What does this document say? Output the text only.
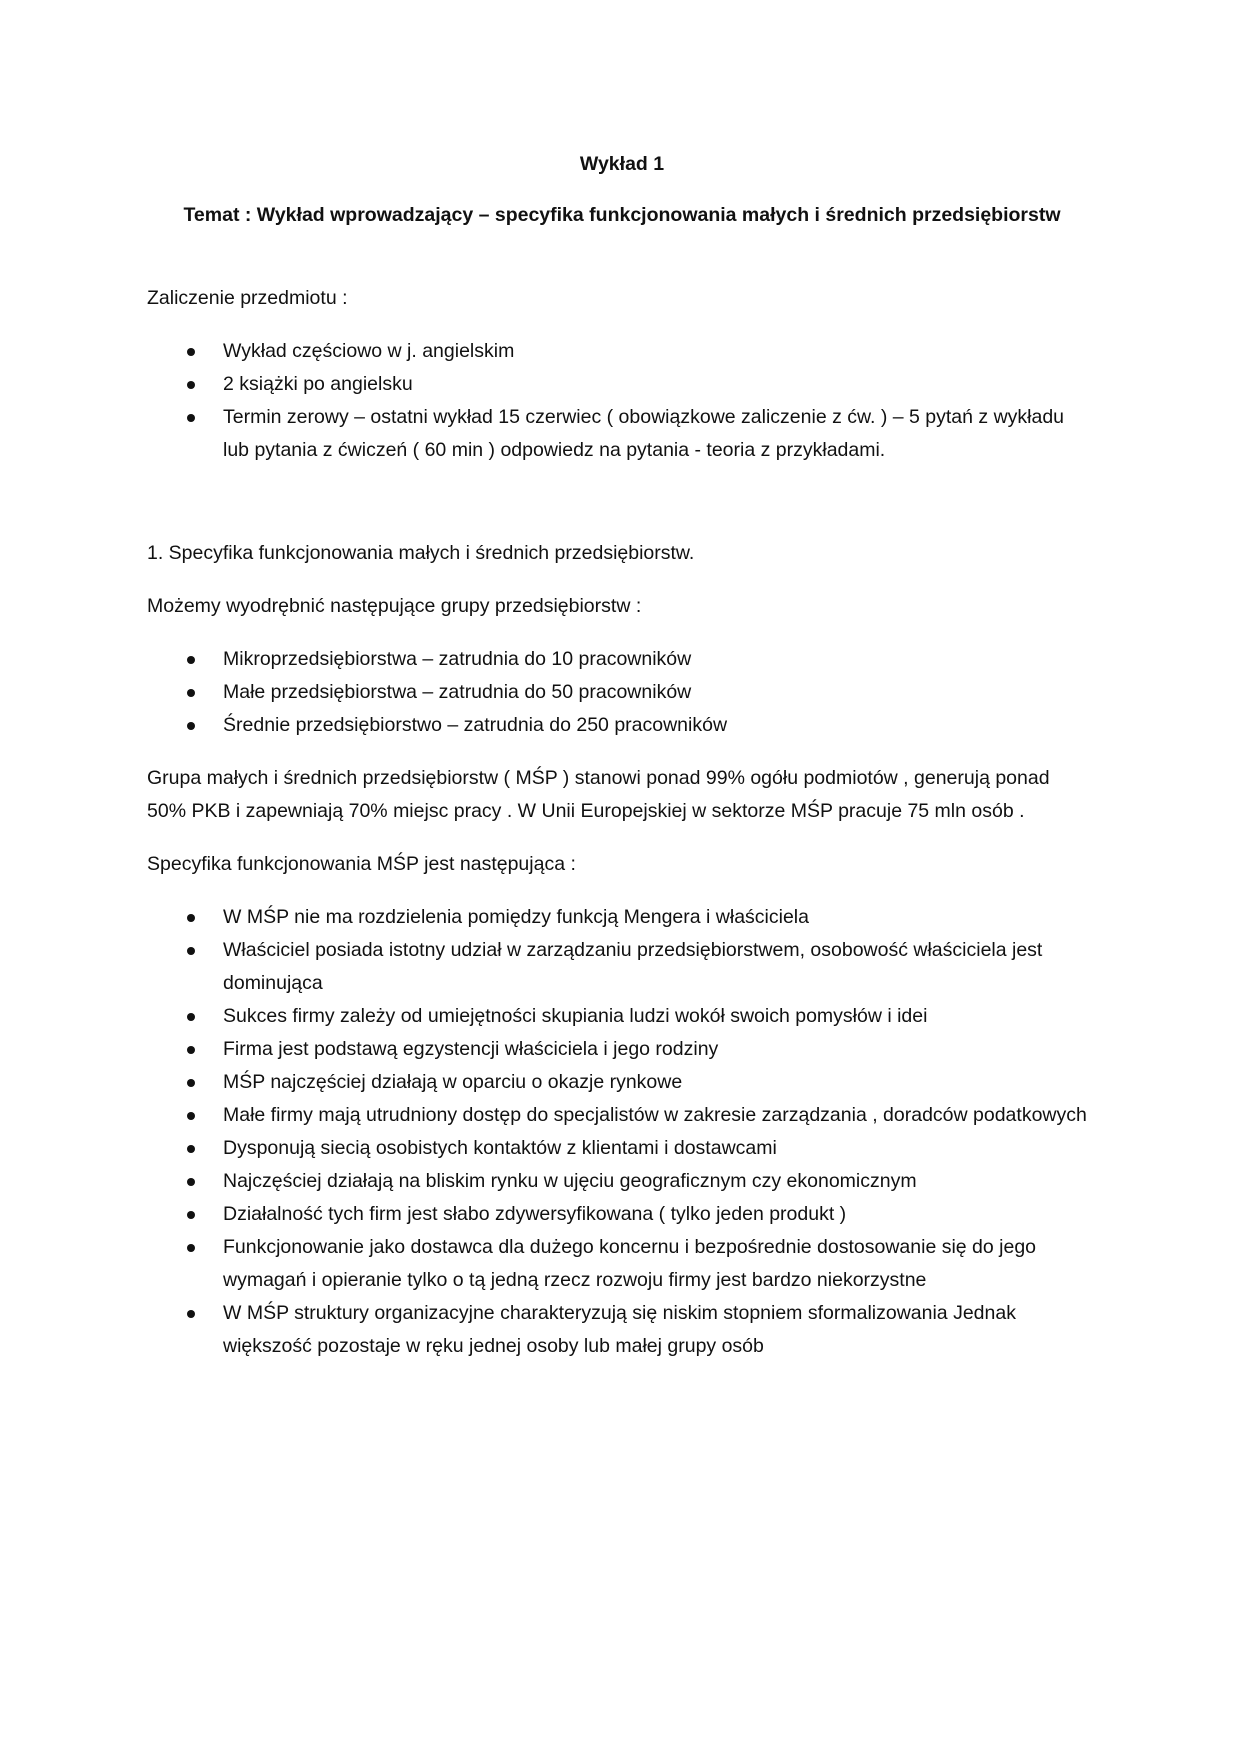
Wykład 1

Temat : Wykład wprowadzający – specyfika funkcjonowania małych i średnich przedsiębiorstw

Zaliczenie przedmiotu :

Wykład częściowo w j. angielskim
2 książki po angielsku
Termin zerowy – ostatni wykład 15 czerwiec ( obowiązkowe zaliczenie z ćw. ) – 5 pytań z wykładu lub pytania z ćwiczeń ( 60 min ) odpowiedz na pytania - teoria z przykładami.

1. Specyfika funkcjonowania małych i średnich przedsiębiorstw.

Możemy wyodrębnić następujące grupy przedsiębiorstw :

Mikroprzedsiębiorstwa – zatrudnia do 10 pracowników
Małe przedsiębiorstwa – zatrudnia do 50 pracowników
Średnie przedsiębiorstwo – zatrudnia do 250 pracowników

Grupa małych i średnich przedsiębiorstw ( MŚP ) stanowi ponad 99% ogółu podmiotów , generują ponad 50% PKB i zapewniają 70% miejsc pracy . W Unii Europejskiej w sektorze MŚP pracuje 75 mln osób .

Specyfika funkcjonowania MŚP jest następująca :

W MŚP nie ma rozdzielenia pomiędzy funkcją Mengera i właściciela
Właściciel posiada istotny udział w zarządzaniu przedsiębiorstwem, osobowość właściciela jest dominująca
Sukces firmy zależy od umiejętności skupiania ludzi wokół swoich pomysłów i idei
Firma jest podstawą egzystencji właściciela i jego rodziny
MŚP najczęściej działają w oparciu o okazje rynkowe
Małe firmy mają utrudniony dostęp do specjalistów w zakresie zarządzania , doradców podatkowych
Dysponują siecią osobistych kontaktów z klientami i dostawcami
Najczęściej działają na bliskim rynku w ujęciu geograficznym czy ekonomicznym
Działalność tych firm jest słabo zdywersyfikowana ( tylko jeden produkt )
Funkcjonowanie jako dostawca dla dużego koncernu i bezpośrednie dostosowanie się do jego wymagań i opieranie tylko o tą jedną rzecz rozwoju firmy jest bardzo niekorzystne
W MŚP struktury organizacyjne charakteryzują się niskim stopniem sformalizowania Jednak większość pozostaje w ręku jednej osoby lub małej grupy osób
